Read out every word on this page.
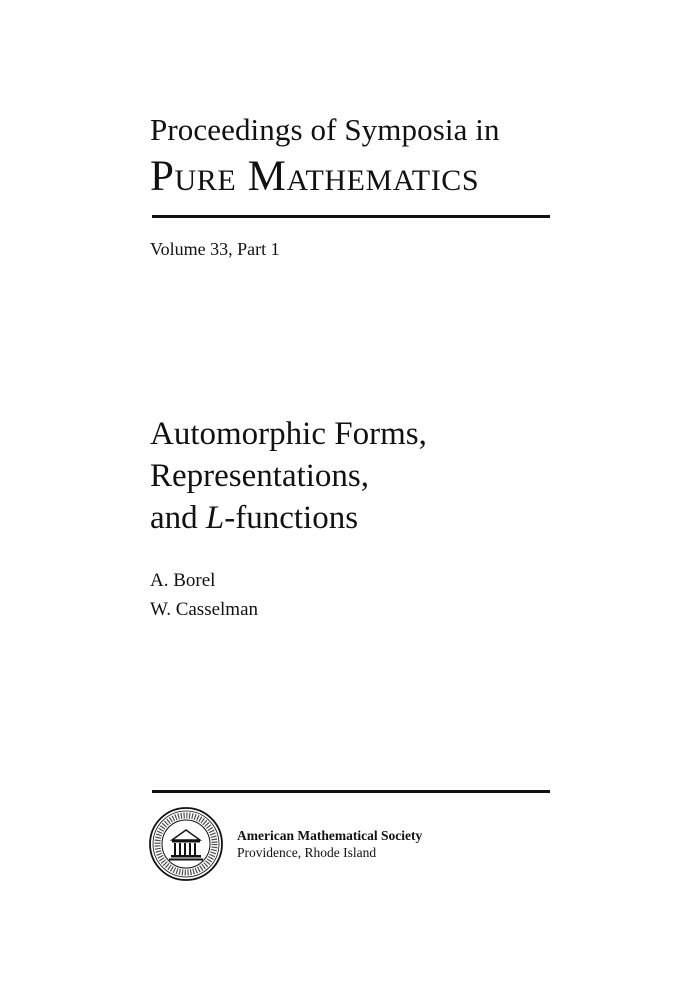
Proceedings of Symposia in
Pure Mathematics
Volume 33, Part 1
Automorphic Forms,
Representations,
and L-functions
A. Borel
W. Casselman
American Mathematical Society
Providence, Rhode Island
